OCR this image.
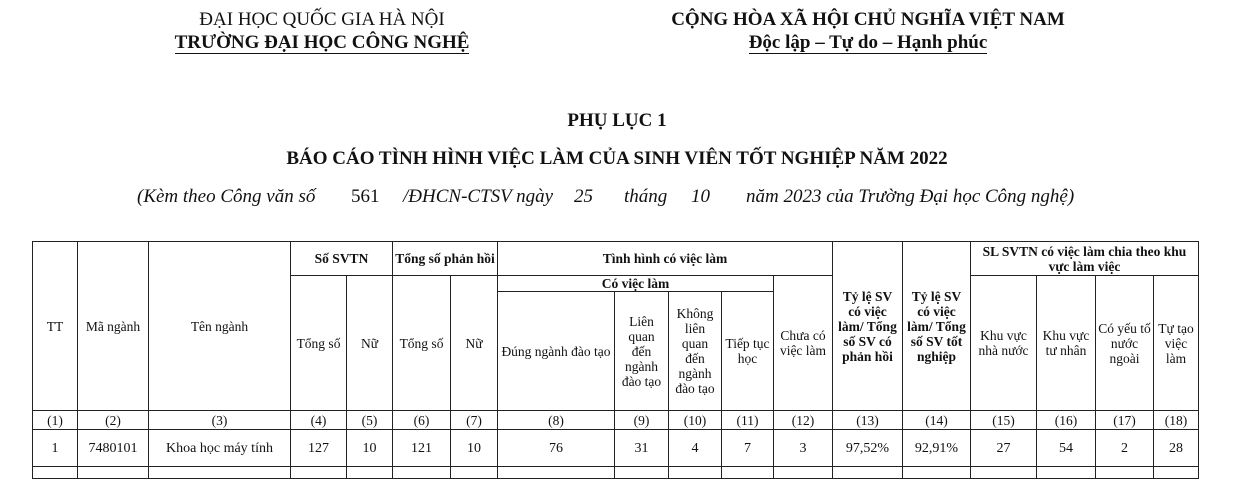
ĐẠI HỌC QUỐC GIA HÀ NỘI
TRƯỜNG ĐẠI HỌC CÔNG NGHỆ
CỘNG HÒA XÃ HỘI CHỦ NGHĨA VIỆT NAM
Độc lập – Tự do – Hạnh phúc
PHỤ LỤC 1
BÁO CÁO TÌNH HÌNH VIỆC LÀM CỦA SINH VIÊN TỐT NGHIỆP NĂM 2022
(Kèm theo Công văn số 561 /ĐHCN-CTSV ngày 25 tháng 10 năm 2023 của Trường Đại học Công nghệ)
TT	Mã ngành	Tên ngành	Số SVTN		Tổng số phản hồi		Tình hình có việc làm					Tỷ lệ SV có việc làm/ Tổng số SV có phản hồi	Tỷ lệ SV có việc làm/ Tổng số SV tốt nghiệp	SL SVTN có việc làm chia theo khu vực làm việc			
			Tổng số	Nữ	Tổng số	Nữ	Có việc làm				Chưa có việc làm			Khu vực nhà nước	Khu vực tư nhân	Có yếu tố nước ngoài	Tự tạo việc làm
							Đúng ngành đào tạo	Liên quan đến ngành đào tạo	Không liên quan đến ngành đào tạo	Tiếp tục học							
(1)	(2)	(3)	(4)	(5)	(6)	(7)	(8)	(9)	(10)	(11)	(12)	(13)	(14)	(15)	(16)	(17)	(18)
1	7480101	Khoa học máy tính	127	10	121	10	76	31	4	7	3	97,52%	92,91%	27	54	2	28
